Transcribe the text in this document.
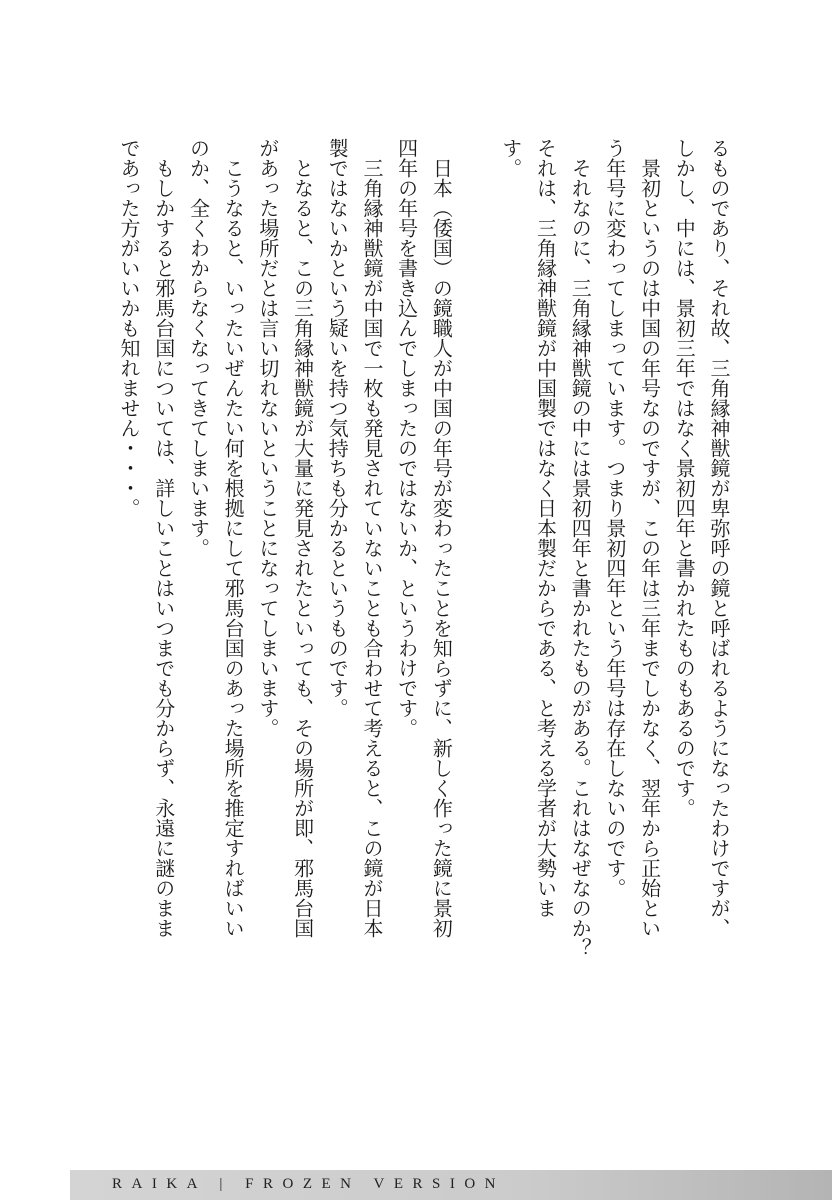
るものであり、それ故、三角縁神獣鏡が卑弥呼の鏡と呼ばれるようになったわけですが、
しかし、中には、景初三年ではなく景初四年と書かれたものもあるのです。
　景初というのは中国の年号なのですが、この年は三年までしかなく、翌年から正始とい
う年号に変わってしまっています。つまり景初四年という年号は存在しないのです。
　それなのに、三角縁神獣鏡の中には景初四年と書かれたものがある。これはなぜなのか？
それは、三角縁神獣鏡が中国製ではなく日本製だからである、と考える学者が大勢いま
す。
　日本（倭国）の鏡職人が中国の年号が変わったことを知らずに、新しく作った鏡に景初
四年の年号を書き込んでしまったのではないか、というわけです。
　三角縁神獣鏡が中国で一枚も発見されていないことも合わせて考えると、この鏡が日本
製ではないかという疑いを持つ気持ちも分かるというものです。
　となると、この三角縁神獣鏡が大量に発見されたといっても、その場所が即、邪馬台国
があった場所だとは言い切れないということになってしまいます。
　こうなると、いったいぜんたい何を根拠にして邪馬台国のあった場所を推定すればいい
のか、全くわからなくなってきてしまいます。
　もしかすると邪馬台国については、詳しいことはいつまでも分からず、永遠に謎のまま
であった方がいいかも知れません・・・。
RAIKA | FROZEN VERSION
